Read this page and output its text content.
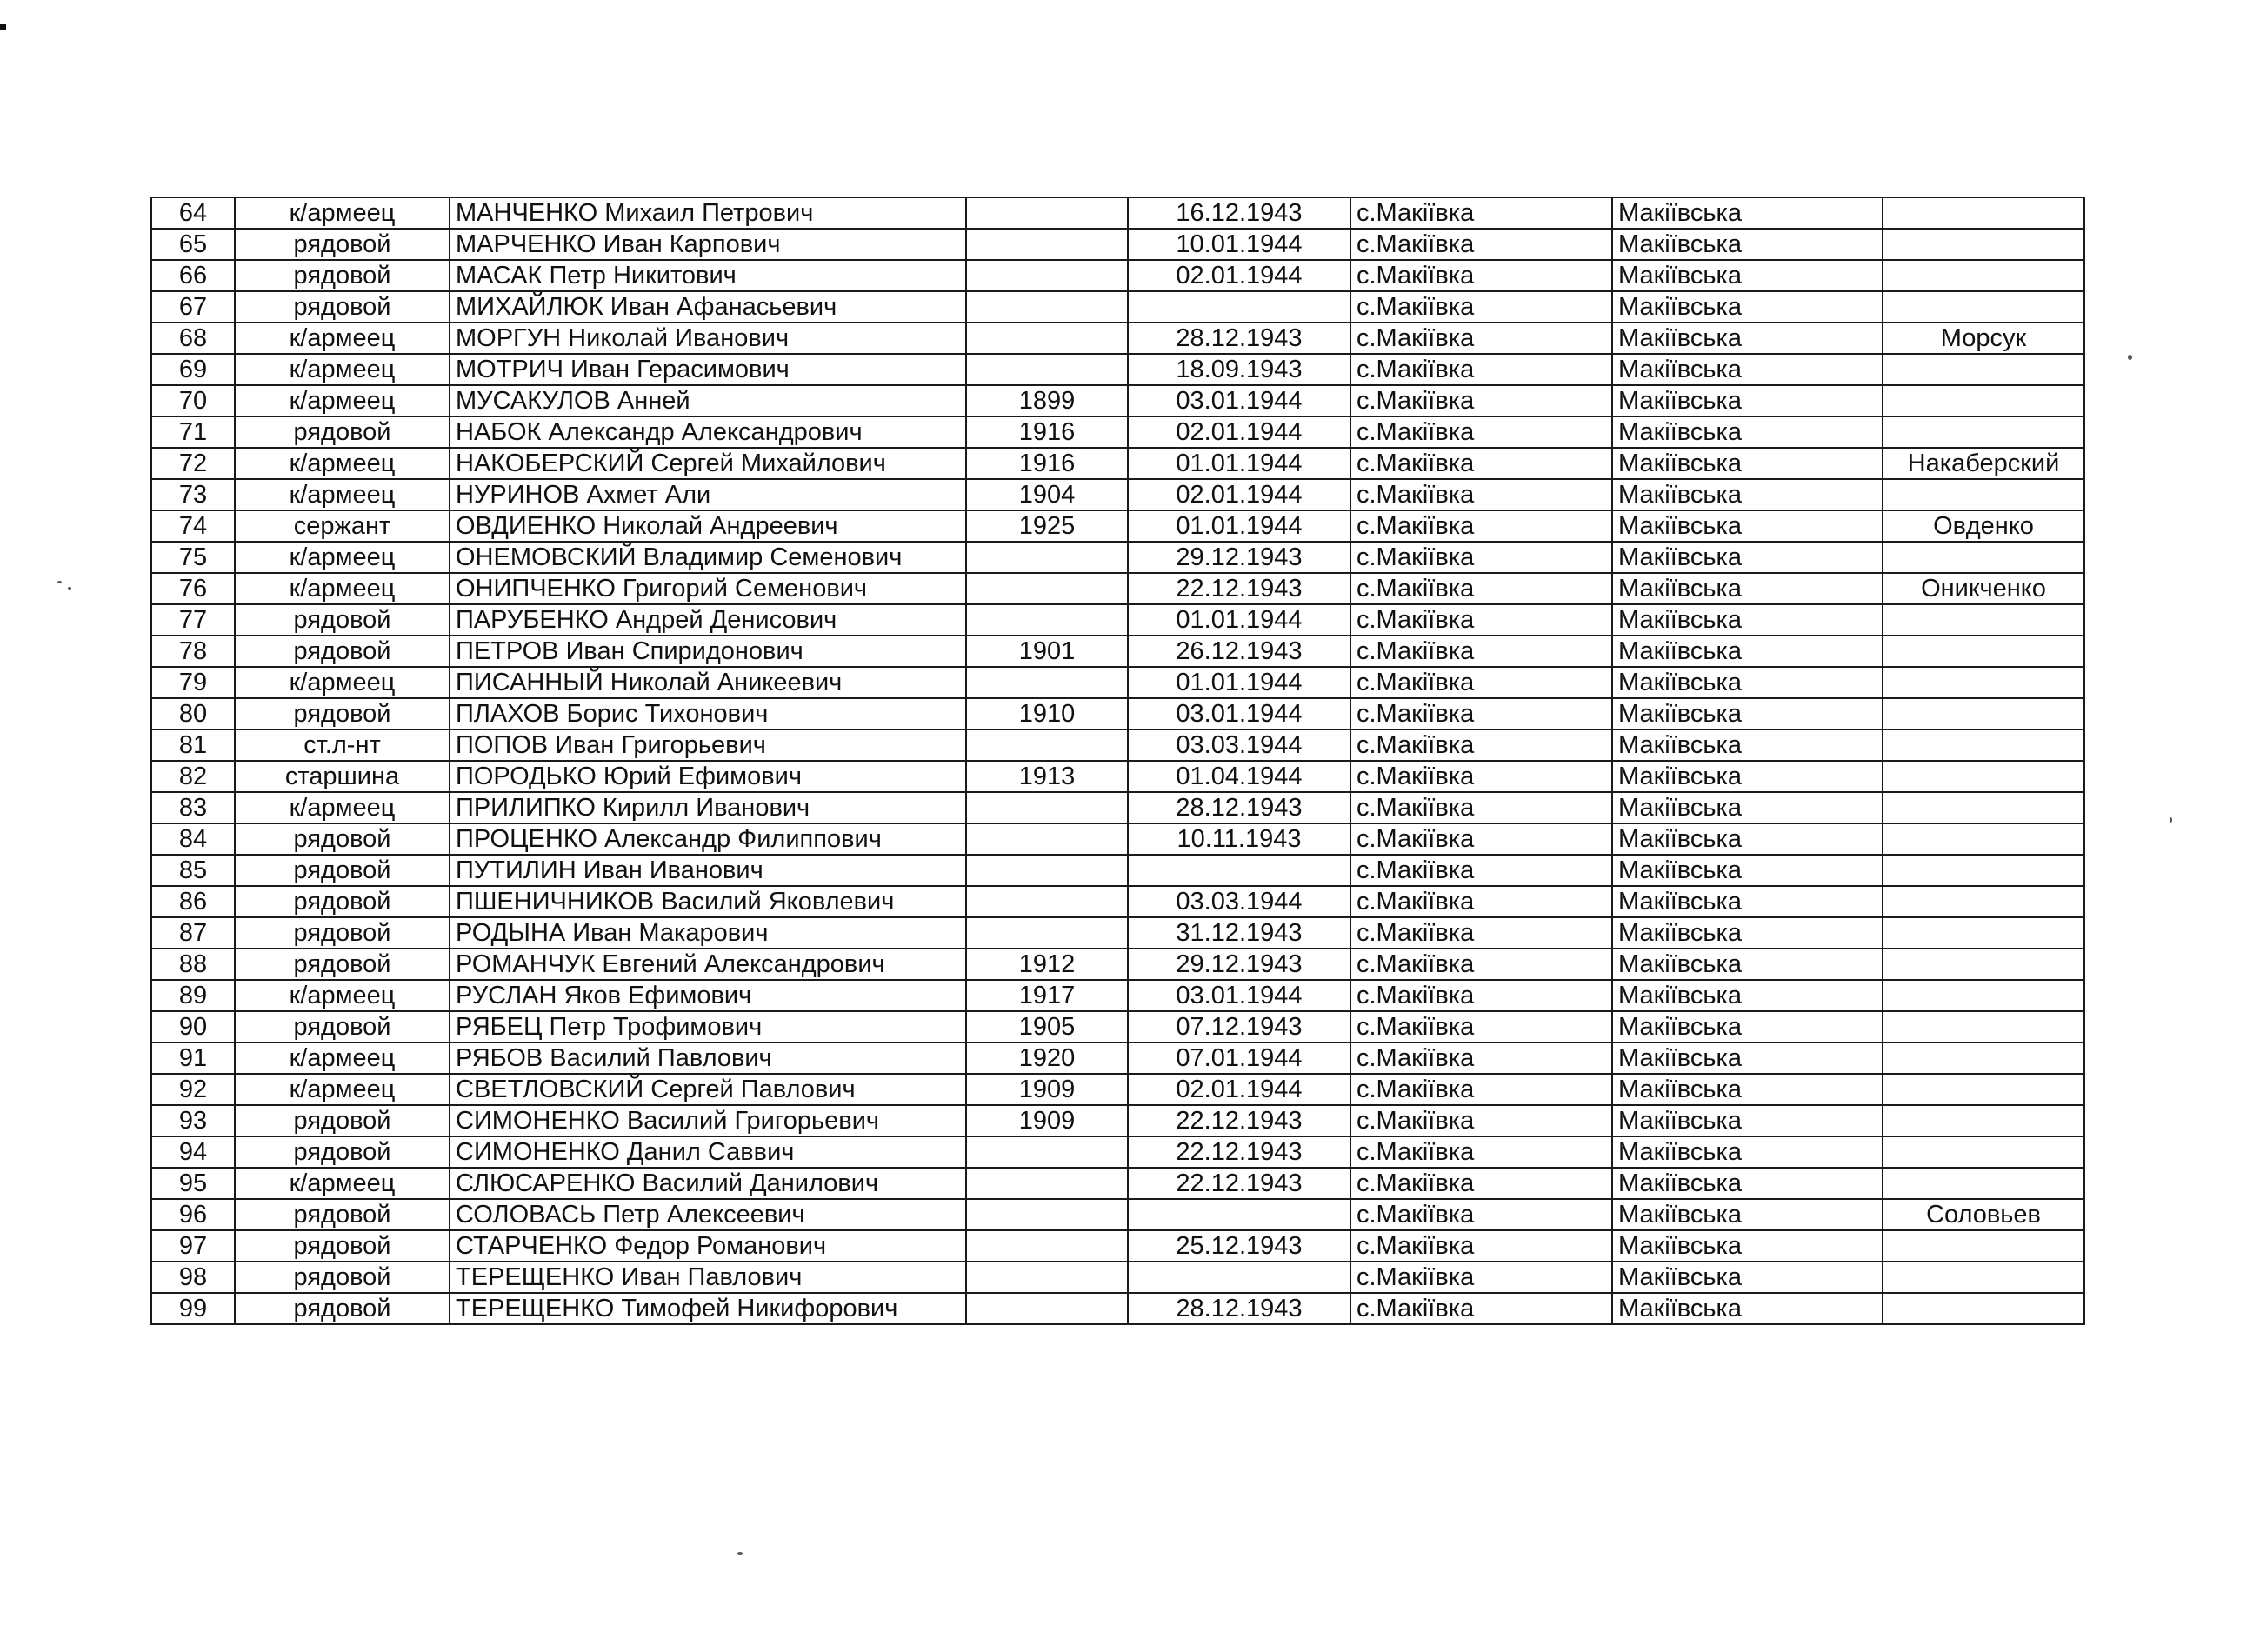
64	к/армеец	МАНЧЕНКО Михаил Петрович		16.12.1943	с.Макіївка	Макіївська	
65	рядовой	МАРЧЕНКО Иван Карпович		10.01.1944	с.Макіївка	Макіївська	
66	рядовой	МАСАК Петр Никитович		02.01.1944	с.Макіївка	Макіївська	
67	рядовой	МИХАЙЛЮК Иван Афанасьевич			с.Макіївка	Макіївська	
68	к/армеец	МОРГУН Николай Иванович		28.12.1943	с.Макіївка	Макіївська	Морсук
69	к/армеец	МОТРИЧ Иван Герасимович		18.09.1943	с.Макіївка	Макіївська	
70	к/армеец	МУСАКУЛОВ Анней	1899	03.01.1944	с.Макіївка	Макіївська	
71	рядовой	НАБОК Александр Александрович	1916	02.01.1944	с.Макіївка	Макіївська	
72	к/армеец	НАКОБЕРСКИЙ Сергей Михайлович	1916	01.01.1944	с.Макіївка	Макіївська	Накаберский
73	к/армеец	НУРИНОВ Ахмет Али	1904	02.01.1944	с.Макіївка	Макіївська	
74	сержант	ОВДИЕНКО Николай Андреевич	1925	01.01.1944	с.Макіївка	Макіївська	Овденко
75	к/армеец	ОНЕМОВСКИЙ Владимир Семенович		29.12.1943	с.Макіївка	Макіївська	
76	к/армеец	ОНИПЧЕНКО Григорий Семенович		22.12.1943	с.Макіївка	Макіївська	Оникченко
77	рядовой	ПАРУБЕНКО Андрей Денисович		01.01.1944	с.Макіївка	Макіївська	
78	рядовой	ПЕТРОВ Иван Спиридонович	1901	26.12.1943	с.Макіївка	Макіївська	
79	к/армеец	ПИСАННЫЙ Николай Аникеевич		01.01.1944	с.Макіївка	Макіївська	
80	рядовой	ПЛАХОВ Борис Тихонович	1910	03.01.1944	с.Макіївка	Макіївська	
81	ст.л-нт	ПОПОВ Иван Григорьевич		03.03.1944	с.Макіївка	Макіївська	
82	старшина	ПОРОДЬКО Юрий Ефимович	1913	01.04.1944	с.Макіївка	Макіївська	
83	к/армеец	ПРИЛИПКО Кирилл Иванович		28.12.1943	с.Макіївка	Макіївська	
84	рядовой	ПРОЦЕНКО Александр Филиппович		10.11.1943	с.Макіївка	Макіївська	
85	рядовой	ПУТИЛИН Иван Иванович			с.Макіївка	Макіївська	
86	рядовой	ПШЕНИЧНИКОВ Василий Яковлевич		03.03.1944	с.Макіївка	Макіївська	
87	рядовой	РОДЫНА Иван Макарович		31.12.1943	с.Макіївка	Макіївська	
88	рядовой	РОМАНЧУК Евгений Александрович	1912	29.12.1943	с.Макіївка	Макіївська	
89	к/армеец	РУСЛАН Яков Ефимович	1917	03.01.1944	с.Макіївка	Макіївська	
90	рядовой	РЯБЕЦ Петр Трофимович	1905	07.12.1943	с.Макіївка	Макіївська	
91	к/армеец	РЯБОВ Василий Павлович	1920	07.01.1944	с.Макіївка	Макіївська	
92	к/армеец	СВЕТЛОВСКИЙ Сергей Павлович	1909	02.01.1944	с.Макіївка	Макіївська	
93	рядовой	СИМОНЕНКО Василий Григорьевич	1909	22.12.1943	с.Макіївка	Макіївська	
94	рядовой	СИМОНЕНКО Данил Саввич		22.12.1943	с.Макіївка	Макіївська	
95	к/армеец	СЛЮСАРЕНКО Василий Данилович		22.12.1943	с.Макіївка	Макіївська	
96	рядовой	СОЛОВАСЬ Петр Алексеевич			с.Макіївка	Макіївська	Соловьев
97	рядовой	СТАРЧЕНКО Федор Романович		25.12.1943	с.Макіївка	Макіївська	
98	рядовой	ТЕРЕЩЕНКО Иван Павлович			с.Макіївка	Макіївська	
99	рядовой	ТЕРЕЩЕНКО Тимофей Никифорович		28.12.1943	с.Макіївка	Макіївська	
